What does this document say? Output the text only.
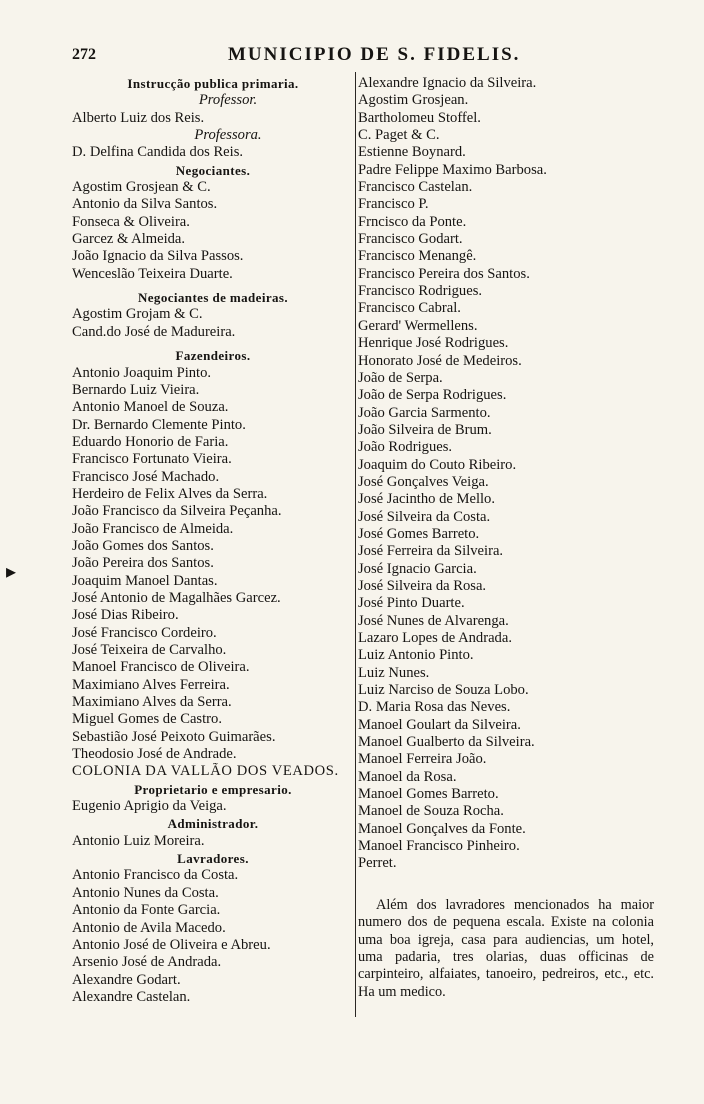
272	MUNICIPIO DE S. FIDELIS.
▸
Instrucção publica primaria.
Professor.
Alberto Luiz dos Reis.
Professora.
D. Delfina Candida dos Reis.
Negociantes.
Agostim Grosjean & C.
Antonio da Silva Santos.
Fonseca & Oliveira.
Garcez & Almeida.
João Ignacio da Silva Passos.
Wenceslão Teixeira Duarte.
Negociantes de madeiras.
Agostim Grojam & C.
Cand.do José de Madureira.
Fazendeiros.
Antonio Joaquim Pinto.
Bernardo Luiz Vieira.
Antonio Manoel de Souza.
Dr. Bernardo Clemente Pinto.
Eduardo Honorio de Faria.
Francisco Fortunato Vieira.
Francisco José Machado.
Herdeiro de Felix Alves da Serra.
João Francisco da Silveira Peçanha.
João Francisco de Almeida.
João Gomes dos Santos.
João Pereira dos Santos.
Joaquim Manoel Dantas.
José Antonio de Magalhães Garcez.
José Dias Ribeiro.
José Francisco Cordeiro.
José Teixeira de Carvalho.
Manoel Francisco de Oliveira.
Maximiano Alves Ferreira.
Maximiano Alves da Serra.
Miguel Gomes de Castro.
Sebastião José Peixoto Guimarães.
Theodosio José de Andrade.
COLONIA DA VALLÃO DOS VEADOS.
Proprietario e empresario.
Eugenio Aprigio da Veiga.
Administrador.
Antonio Luiz Moreira.
Lavradores.
Antonio Francisco da Costa.
Antonio Nunes da Costa.
Antonio da Fonte Garcia.
Antonio de Avila Macedo.
Antonio José de Oliveira e Abreu.
Arsenio José de Andrada.
Alexandre Godart.
Alexandre Castelan.
Alexandre Ignacio da Silveira.
Agostim Grosjean.
Bartholomeu Stoffel.
C. Paget & C.
Estienne Boynard.
Padre Felippe Maximo Barbosa.
Francisco Castelan.
Francisco P.
Frncisco da Ponte.
Francisco Godart.
Francisco Menangê.
Francisco Pereira dos Santos.
Francisco Rodrigues.
Francisco Cabral.
Gerard' Wermellens.
Henrique José Rodrigues.
Honorato José de Medeiros.
João de Serpa.
João de Serpa Rodrigues.
João Garcia Sarmento.
João Silveira de Brum.
João Rodrigues.
Joaquim do Couto Ribeiro.
José Gonçalves Veiga.
José Jacintho de Mello.
José Silveira da Costa.
José Gomes Barreto.
José Ferreira da Silveira.
José Ignacio Garcia.
José Silveira da Rosa.
José Pinto Duarte.
José Nunes de Alvarenga.
Lazaro Lopes de Andrada.
Luiz Antonio Pinto.
Luiz Nunes.
Luiz Narciso de Souza Lobo.
D. Maria Rosa das Neves.
Manoel Goulart da Silveira.
Manoel Gualberto da Silveira.
Manoel Ferreira João.
Manoel da Rosa.
Manoel Gomes Barreto.
Manoel de Souza Rocha.
Manoel Gonçalves da Fonte.
Manoel Francisco Pinheiro.
Perret.
Além dos lavradores mencionados ha maior numero dos de pequena escala. Existe na colonia uma boa igreja, casa para audiencias, um hotel, uma padaria, tres olarias, duas officinas de carpinteiro, alfaiates, tanoeiro, pedreiros, etc., etc. Ha um medico.
